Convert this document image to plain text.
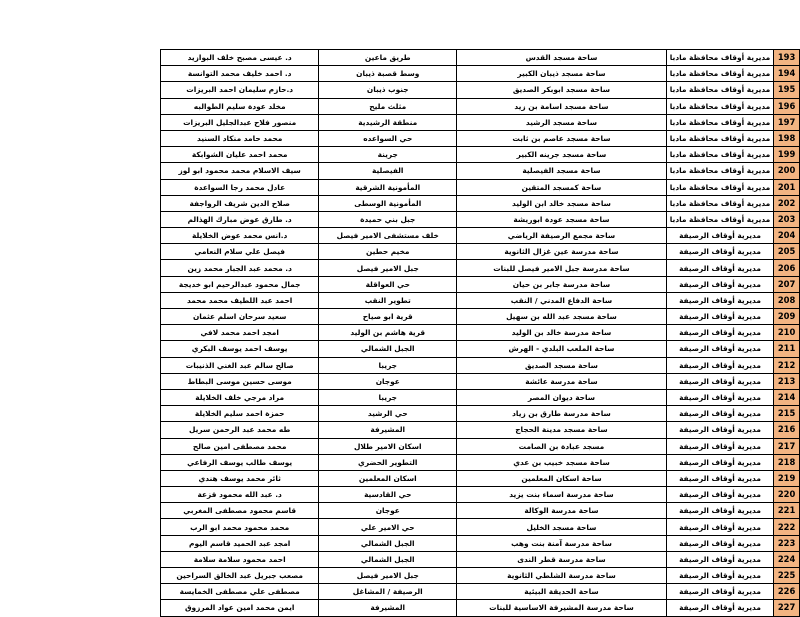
د. عيسى مصبح خلف البوازيد	طريق ماعين	ساحة مسجد القدس	مديرية أوقاف محافظة مادبا	193
د. احمد خليف محمد التوانسة	وسط قصبة ذيبان	ساحة مسجد ذيبان الكبير	مديرية أوقاف محافظة مادبا	194
د.حازم سليمان احمد البريزات	جنوب ذيبان	ساحة مسجد ابوبكر الصديق	مديرية أوقاف محافظة مادبا	195
مخلد عودة سليم الطوالبه	مثلث مليح	ساحة مسجد اسامة بن زيد	مديرية أوقاف محافظة مادبا	196
منصور فلاح عبدالجليل البريزات	منطقة الرشيدية	ساحة مسجد الرشيد	مديرية أوقاف محافظة مادبا	197
محمد حامد منكاد السنيد	حي السواعده	ساحة مسجد عاصم بن ثابت	مديرية أوقاف محافظة مادبا	198
محمد احمد عليان الشوابكة	جرينة	ساحة مسجد جرينه الكبير	مديرية أوقاف محافظة مادبا	199
سيف الاسلام محمد محمود ابو لوز	الفيصلية	ساحة مسجد الفيصلية	مديرية أوقاف محافظة مادبا	200
عادل محمد رجا السواعدة	المأمونية الشرقية	ساحة كمسجد المتقين	مديرية أوقاف محافظة مادبا	201
صلاح الدين شريف الرواجفة	المأمونية الوسطى	ساحة مسجد خالد ابن الوليد	مديرية أوقاف محافظة مادبا	202
د. طارق عوض مبارك الهذالم	جبل بني حميدة	ساحة مسجد عودة ابوريشة	مديرية أوقاف محافظة مادبا	203
د.انس محمد عوض الخلايلة	خلف مستشفى الامير فيصل	ساحة مجمع الرصيفة الرياضي	مديرية أوقاف الرصيفة	204
فيصل علي سلام النعامي	مخيم حطين	ساحة مدرسة عين غزال الثانوية	مديرية أوقاف الرصيفة	205
د. محمد عبد الجبار محمد زين	جبل الامير فيصل	ساحة مدرسة جبل الامير فيصل للبنات	مديرية أوقاف الرصيفة	206
جمال محمود عبدالرحيم ابو خديجة	حي العواقلة	ساحة مدرسة جابر بن حيان	مديرية أوقاف الرصيفة	207
احمد عبد اللطيف محمد محمد	تطوير النقب	ساحة الدفاع المدني / النقب	مديرية أوقاف الرصيفة	208
سعيد سرحان اسلم عثمان	قرية ابو صياح	ساحة مسجد عبد الله بن سهيل	مديرية أوقاف الرصيفة	209
امجد احمد محمد لافي	قرية هاشم بن الوليد	ساحة مدرسة خالد بن الوليد	مديرية أوقاف الرصيفة	210
يوسف احمد يوسف البكري	الجبل الشمالي	ساحة الملعب البلدي - الهرش	مديرية أوقاف الرصيفة	211
صالح سالم عبد الغني الذنيبات	جريبا	ساحة مسجد الصديق	مديرية أوقاف الرصيفة	212
موسى حسين موسى البطاط	عوجان	ساحة مدرسة عائشة	مديرية أوقاف الرصيفة	213
مراد مرجي خلف الخلايلة	جريبا	ساحة ديوان المصر	مديرية أوقاف الرصيفة	214
حمزة احمد سليم الخلايلة	حي الرشيد	ساحة مدرسة طارق بن زياد	مديرية أوقاف الرصيفة	215
طه محمد عبد الرحمن سريل	المشيرفة	ساحة مسجد مدينة الحجاج	مديرية أوقاف الرصيفة	216
محمد مصطفى امين صالح	اسكان الامير طلال	مسجد عبادة بن الصامت	مديرية أوقاف الرصيفة	217
يوسف طالب يوسف الرفاعي	التطوير الحضري	ساحة مسجد خبيب بن عدي	مديرية أوقاف الرصيفة	218
ثائر محمد يوسف هندي	اسكان المعلمين	ساحة اسكان المعلمين	مديرية أوقاف الرصيفة	219
د. عبد الله محمود قزعة	حي القادسية	ساحة مدرسة اسماء بنت يزيد	مديرية أوقاف الرصيفة	220
قاسم محمود مصطفى المغربي	عوجان	ساحة مدرسة الوكالة	مديرية أوقاف الرصيفة	221
محمد محمود محمد ابو الرب	حي الامير علي	ساحة مسجد الخليل	مديرية أوقاف الرصيفة	222
امجد عبد الحميد قاسم اليوم	الجبل الشمالي	ساحة مدرسة آمنة بنت وهب	مديرية أوقاف الرصيفة	223
احمد محمود سلامة سلامة	الجبل الشمالي	ساحة مدرسة قطر الندى	مديرية أوقاف الرصيفة	224
مصعب جبريل عبد الخالق السراحين	جبل الامير فيصل	ساحة مدرسة الشلطي الثانوية	مديرية أوقاف الرصيفة	225
مصطفى علي مصطفى الخمايسة	الرصيفة / المشاغل	ساحة الحديقة البيئية	مديرية أوقاف الرصيفة	226
ايمن محمد امين عواد المرزوق	المشيرفة	ساحة مدرسة المشيرفة الاساسية للبنات	مديرية أوقاف الرصيفة	227
